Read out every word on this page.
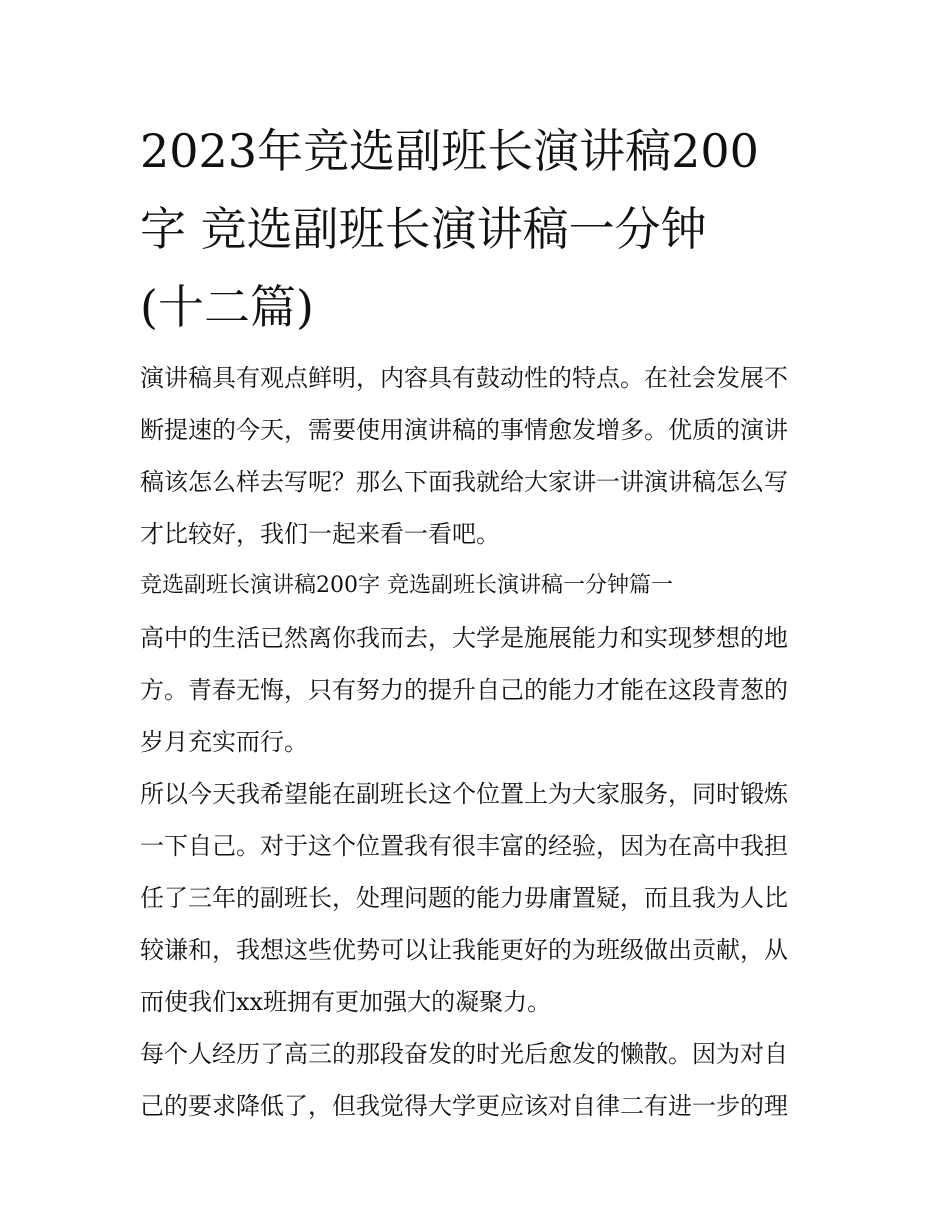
2023年竞选副班长演讲稿200
字 竞选副班长演讲稿一分钟
(十二篇)

演讲稿具有观点鲜明，内容具有鼓动性的特点。在社会发展不
断提速的今天，需要使用演讲稿的事情愈发增多。优质的演讲
稿该怎么样去写呢？那么下面我就给大家讲一讲演讲稿怎么写
才比较好，我们一起来看一看吧。

竞选副班长演讲稿200字 竞选副班长演讲稿一分钟篇一

高中的生活已然离你我而去，大学是施展能力和实现梦想的地
方。青春无悔，只有努力的提升自己的能力才能在这段青葱的
岁月充实而行。

所以今天我希望能在副班长这个位置上为大家服务，同时锻炼
一下自己。对于这个位置我有很丰富的经验，因为在高中我担
任了三年的副班长，处理问题的能力毋庸置疑，而且我为人比
较谦和，我想这些优势可以让我能更好的为班级做出贡献，从
而使我们xx班拥有更加强大的凝聚力。

每个人经历了高三的那段奋发的时光后愈发的懒散。因为对自
己的要求降低了，但我觉得大学更应该对自律二有进一步的理
